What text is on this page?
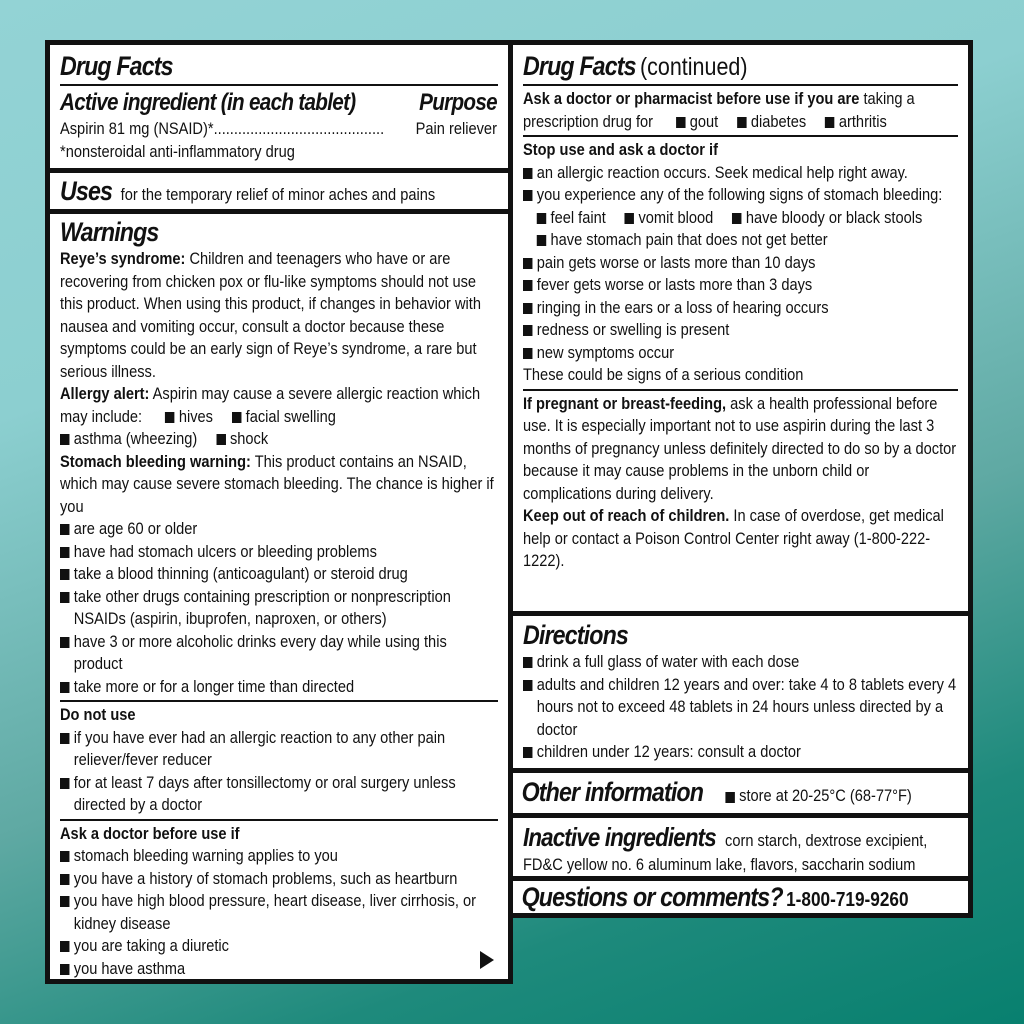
Drug Facts
Active ingredient (in each tablet)	Purpose
Aspirin 81 mg (NSAID)* ..........................................	Pain reliever
*nonsteroidal anti-inflammatory drug
Uses for the temporary relief of minor aches and pains
Warnings
Reye’s syndrome: Children and teenagers who have or are recovering from chicken pox or flu-like symptoms should not use this product. When using this product, if changes in behavior with nausea and vomiting occur, consult a doctor because these symptoms could be an early sign of Reye’s syndrome, a rare but serious illness.
Allergy alert: Aspirin may cause a severe allergic reaction which may include: hives facial swelling
asthma (wheezing) shock
Stomach bleeding warning: This product contains an NSAID, which may cause severe stomach bleeding. The chance is higher if you
are age 60 or older
have had stomach ulcers or bleeding problems
take a blood thinning (anticoagulant) or steroid drug
take other drugs containing prescription or nonprescription NSAIDs (aspirin, ibuprofen, naproxen, or others)
have 3 or more alcoholic drinks every day while using this product
take more or for a longer time than directed
Do not use
if you have ever had an allergic reaction to any other pain reliever/fever reducer
for at least 7 days after tonsillectomy or oral surgery unless directed by a doctor
Ask a doctor before use if
stomach bleeding warning applies to you
you have a history of stomach problems, such as heartburn
you have high blood pressure, heart disease, liver cirrhosis, or kidney disease
you are taking a diuretic
you have asthma
Drug Facts (continued)
Ask a doctor or pharmacist before use if you are taking a prescription drug for gout diabetes arthritis
Stop use and ask a doctor if
an allergic reaction occurs. Seek medical help right away.
you experience any of the following signs of stomach bleeding:
feel faint vomit blood have bloody or black stools
have stomach pain that does not get better
pain gets worse or lasts more than 10 days
fever gets worse or lasts more than 3 days
ringing in the ears or a loss of hearing occurs
redness or swelling is present
new symptoms occur
These could be signs of a serious condition
If pregnant or breast-feeding, ask a health professional before use. It is especially important not to use aspirin during the last 3 months of pregnancy unless definitely directed to do so by a doctor because it may cause problems in the unborn child or complications during delivery.
Keep out of reach of children. In case of overdose, get medical help or contact a Poison Control Center right away (1-800-222-1222).
Directions
drink a full glass of water with each dose
adults and children 12 years and over: take 4 to 8 tablets every 4 hours not to exceed 48 tablets in 24 hours unless directed by a doctor
children under 12 years: consult a doctor
Other information	store at 20-25°C (68-77°F)
Inactive ingredients corn starch, dextrose excipient, FD&C yellow no. 6 aluminum lake, flavors, saccharin sodium
Questions or comments? 1-800-719-9260
